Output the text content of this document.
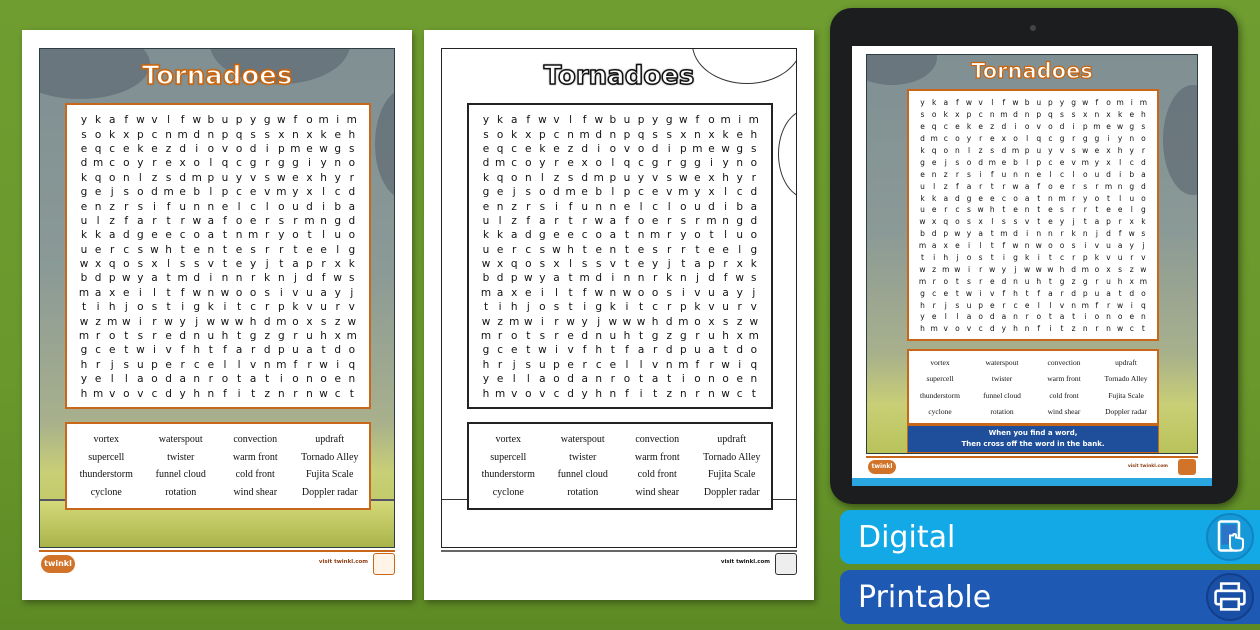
Tornadoes
y k a f w v l	f w b u p y g w f o m i m
s o k x p c n m d n p q s s x n x k e h
e q c e k e z d i o v o d i p m e w g s
d m c o y r e x o l q c g r g g i y n o
k q o n l z s d m p u y v s w e x h y r
g e j s o d m e b l p c e v m y x l c d
e n z r s i	f u n n e l c l o u d i b a
u l z f a r t r w a f o e r s r m n g d
k k a d g e e c o a t n m r y o t	l u o
u e r c s w h t e n t e s r r t e e l g
w x q o s x l s s v t e y j	t a p r x k
b d p w y a t m d i n n r k n j d f w s
m a x e i	l	t f w n w o o s i v u a y j
t	i h j o s t	i g k i	t c r p k v u r v
w z m w i r w y j w w w h d m o x s z w
m r o t s r e d n u h t g z g r u h x m
g c e t w i v f h t f a r d p u a t d o
h r j s u p e r c e l	l v n m f r w i q
y e l	l a o d a n r o t a t	i o n o e n
h m v o v c d y h n f	i	t z n r n w c t
vortex	waterspout	convection	updraft
supercell	twister	warm front	Tornado Alley
thunderstorm	funnel cloud	cold front	Fujita Scale
cyclone	rotation	wind shear	Doppler radar
twinkl	visit twinkl.com
Tornadoes
y k a f w v l	f w b u p y g w f o m i m
s o k x p c n m d n p q s s x n x k e h
e q c e k e z d i o v o d i p m e w g s
d m c o y r e x o l q c g r g g i y n o
k q o n l z s d m p u y v s w e x h y r
g e j s o d m e b l p c e v m y x l c d
e n z r s i	f u n n e l c l o u d i b a
u l z f a r t r w a f o e r s r m n g d
k k a d g e e c o a t n m r y o t	l u o
u e r c s w h t e n t e s r r t e e l g
w x q o s x l s s v t e y j	t a p r x k
b d p w y a t m d i n n r k n j d f w s
m a x e i	l	t f w n w o o s i v u a y j
t	i h j o s t	i g k i	t c r p k v u r v
w z m w i r w y j w w w h d m o x s z w
m r o t s r e d n u h t g z g r u h x m
g c e t w i v f h t f a r d p u a t d o
h r j s u p e r c e l	l v n m f r w i q
y e l	l a o d a n r o t a t	i o n o e n
h m v o v c d y h n f	i	t z n r n w c t
vortex	waterspout	convection	updraft
supercell	twister	warm front	Tornado Alley
thunderstorm	funnel cloud	cold front	Fujita Scale
cyclone	rotation	wind shear	Doppler radar
visit twinkl.com
Tornadoes
y k a	f w v	l	f w b u p y g w f	o m i m
s o k x p c n m d n p q s	s x n x k e h
e q c e k e z d	i	o v o d	i	p m e w g s
d m c o y	r	e x o	l	q c g	r	g g	i	y n o
k q o n	l	z	s d m p u y v s w e x h y	r
g e	j	s o d m e b	l	p c e v m y x	l	c d
e n z	r	s	i	f	u n n e	l	c	l	o u d	i	b a
u	l	z	f	a	r	t	r w a	f	o e	r	s	r m n g d
k k a d g e e c o a	t	n m r	y o	t	l	u o
u e	r	c	s w h	t	e n	t	e s	r	r	t	e e	l	g
w x q o s x	l	s	s v	t	e y	j	t	a p	r	x k
b d p w y a	t m d	i	n n	r	k n	j	d	f w s
m a x e	i	l	t	f w n w o o s	i	v u a y	j
t	i	h	j	o s	t	i	g k	i	t	c	r	p k v u	r	v
w z m w	i	r w y	j	w w w h d m o x s	z w
m r	o	t	s	r	e d n u h	t	g z g	r	u h x m
g c e	t w	i	v	f	h	t	f	a	r	d p u a	t	d o
h	r	j	s u p e	r	c e	l	l	v n m f	r w	i	q
y e	l	l	a o d a n	r	o	t	a	t	i	o n o e n
h m v o v c d y h n	f	i	t	z n	r	n w c	t
vortex	waterspout	convection	updraft
supercell	twister	warm front	Tornado Alley
thunderstorm	funnel cloud	cold front	Fujita Scale
cyclone	rotation	wind shear	Doppler radar
When you find a word,
Then cross off the word in the bank.
twinkl	visit twinkl.com
Digital
Printable
